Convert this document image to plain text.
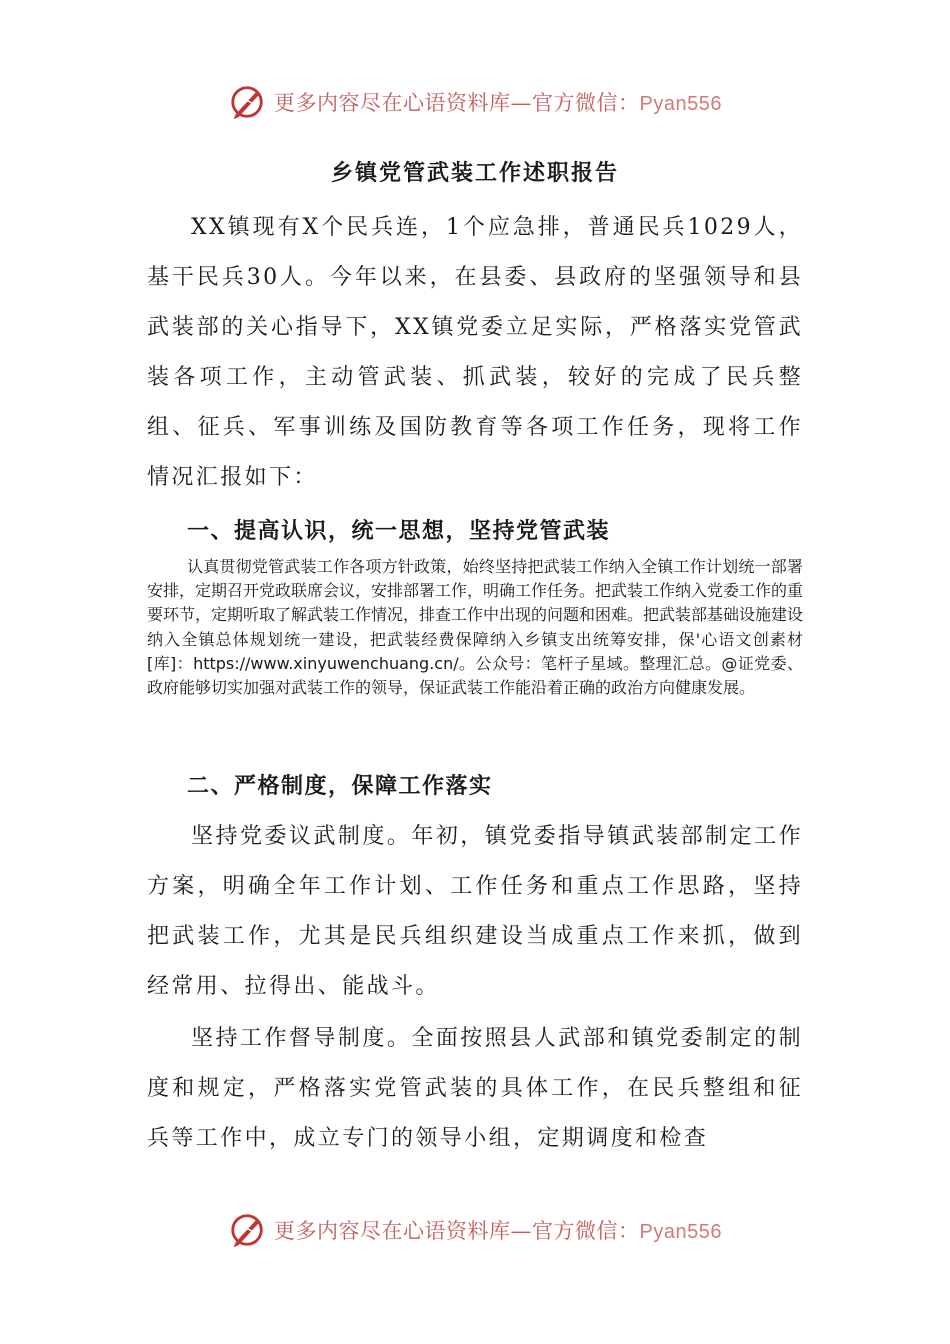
更多内容尽在心语资料库—官方微信：Pyan556
乡镇党管武装工作述职报告

XX镇现有X个民兵连，1个应急排，普通民兵1029人，基干民兵30人。今年以来，在县委、县政府的坚强领导和县武装部的关心指导下，XX镇党委立足实际，严格落实党管武装各项工作，主动管武装、抓武装，较好的完成了民兵整组、征兵、军事训练及国防教育等各项工作任务，现将工作情况汇报如下：

一、提高认识，统一思想，坚持党管武装

认真贯彻党管武装工作各项方针政策，始终坚持把武装工作纳入全镇工作计划统一部署安排，定期召开党政联席会议，安排部署工作，明确工作任务。把武装工作纳入党委工作的重要环节，定期听取了解武装工作情况，排查工作中出现的问题和困难。把武装部基础设施建设纳入全镇总体规划统一建设，把武装经费保障纳入乡镇支出统筹安排，保'心语文创素材[库]：https://www.xinyuwenchuang.cn/。公众号：笔杆子星域。整理汇总。@证党委、政府能够切实加强对武装工作的领导，保证武装工作能沿着正确的政治方向健康发展。

二、严格制度，保障工作落实

坚持党委议武制度。年初，镇党委指导镇武装部制定工作方案，明确全年工作计划、工作任务和重点工作思路，坚持把武装工作，尤其是民兵组织建设当成重点工作来抓，做到经常用、拉得出、能战斗。

坚持工作督导制度。全面按照县人武部和镇党委制定的制度和规定，严格落实党管武装的具体工作，在民兵整组和征兵等工作中，成立专门的领导小组，定期调度和检查

更多内容尽在心语资料库—官方微信：Pyan556
